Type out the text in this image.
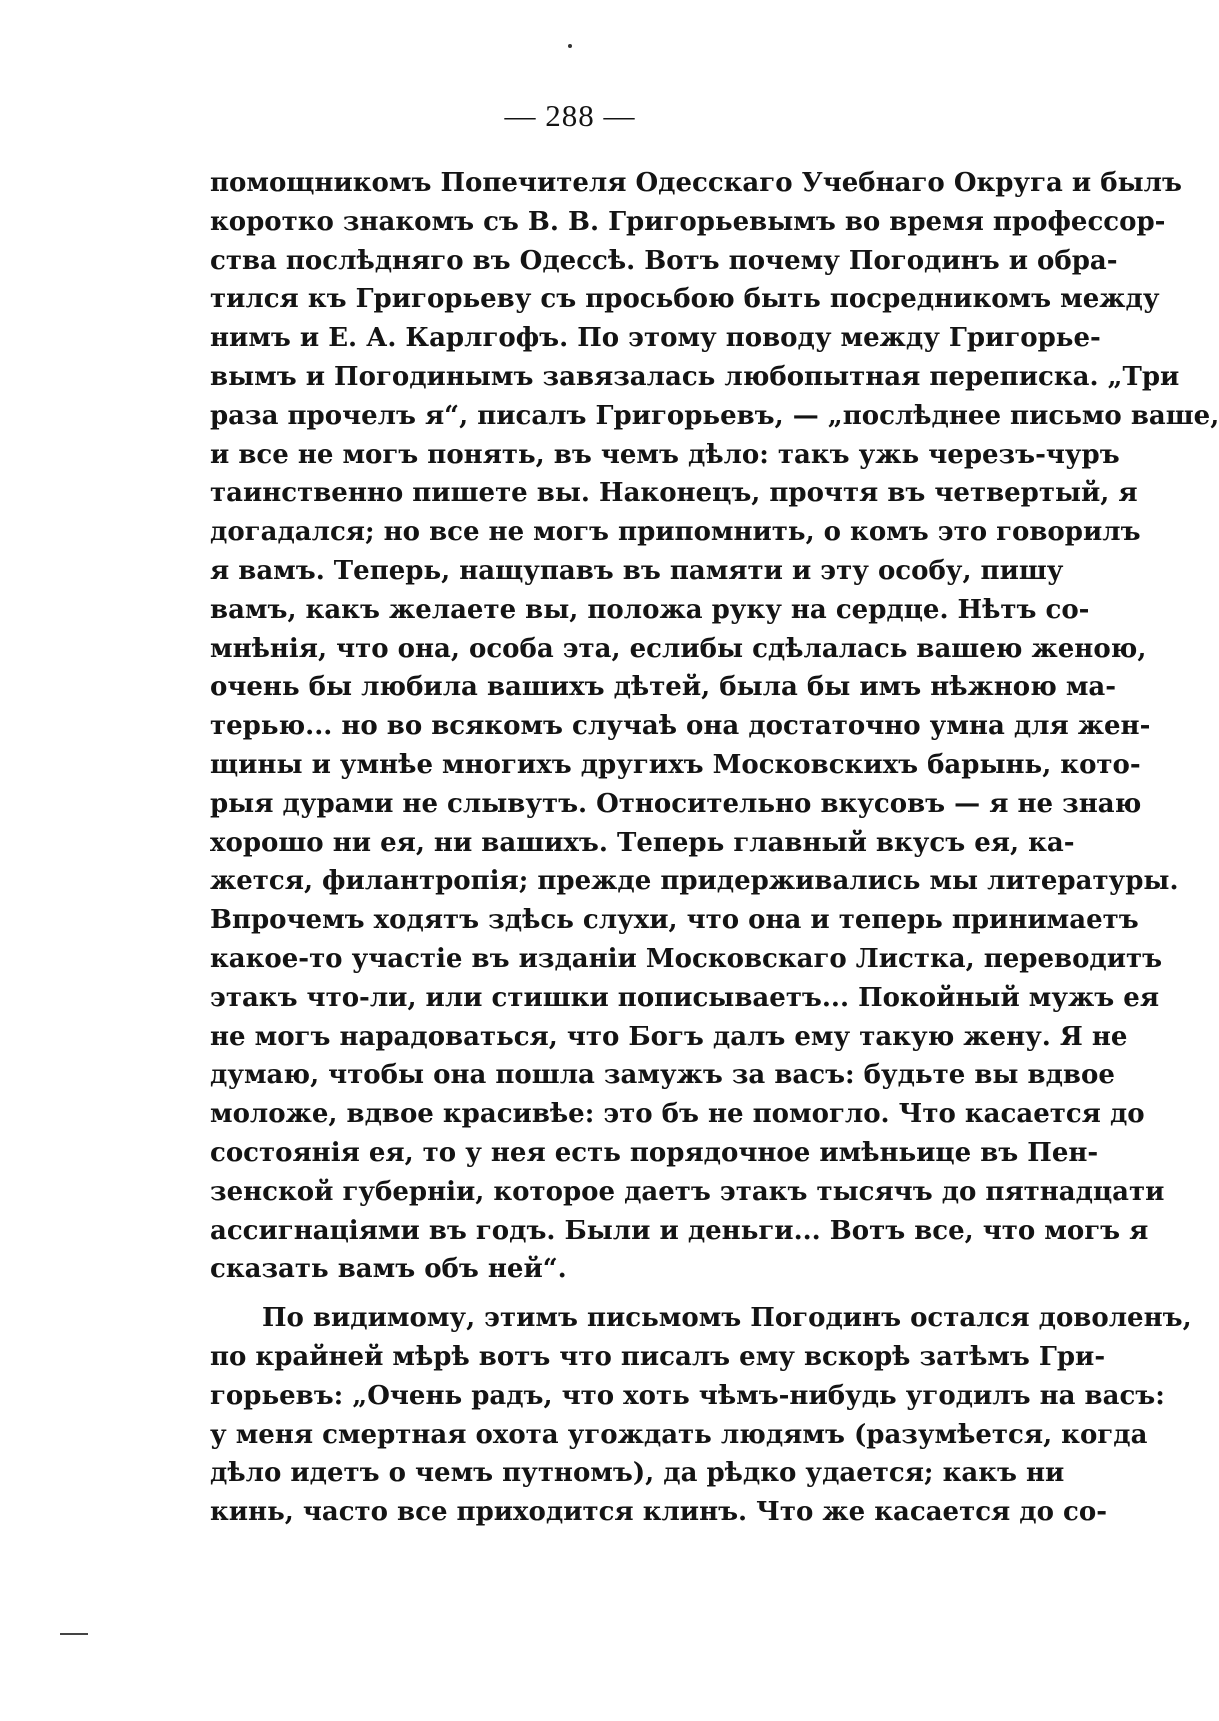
— 288 —
помощникомъ Попечителя Одесскаго Учебнаго Округа и былъ
коротко знакомъ съ В. В. Григорьевымъ во время профессор-
ства послѣдняго въ Одессѣ. Вотъ почему Погодинъ и обра-
тился къ Григорьеву съ просьбою быть посредникомъ между
нимъ и Е. А. Карлгофъ. По этому поводу между Григорье-
вымъ и Погодинымъ завязалась любопытная переписка. „Три
раза прочелъ я“, писалъ Григорьевъ, — „послѣднее письмо ваше,
и все не могъ понять, въ чемъ дѣло: такъ ужь черезъ-чуръ
таинственно пишете вы. Наконецъ, прочтя въ четвертый, я
догадался; но все не могъ припомнить, о комъ это говорилъ
я вамъ. Теперь, нащупавъ въ памяти и эту особу, пишу
вамъ, какъ желаете вы, положа руку на сердце. Нѣтъ со-
мнѣнія, что она, особа эта, еслибы сдѣлалась вашею женою,
очень бы любила вашихъ дѣтей, была бы имъ нѣжною ма-
терью... но во всякомъ случаѣ она достаточно умна для жен-
щины и умнѣе многихъ другихъ Московскихъ барынь, кото-
рыя дурами не слывутъ. Относительно вкусовъ — я не знаю
хорошо ни ея, ни вашихъ. Теперь главный вкусъ ея, ка-
жется, филантропія; прежде придерживались мы литературы.
Впрочемъ ходятъ здѣсь слухи, что она и теперь принимаетъ
какое-то участіе въ изданіи Московскаго Листка, переводитъ
этакъ что-ли, или стишки пописываетъ... Покойный мужъ ея
не могъ нарадоваться, что Богъ далъ ему такую жену. Я не
думаю, чтобы она пошла замужъ за васъ: будьте вы вдвое
моложе, вдвое красивѣе: это бъ не помогло. Что касается до
состоянія ея, то у нея есть порядочное имѣньице въ Пен-
зенской губерніи, которое даетъ этакъ тысячъ до пятнадцати
ассигнаціями въ годъ. Были и деньги... Вотъ все, что могъ я
сказать вамъ объ ней“.
По видимому, этимъ письмомъ Погодинъ остался доволенъ,
по крайней мѣрѣ вотъ что писалъ ему вскорѣ затѣмъ Гри-
горьевъ: „Очень радъ, что хоть чѣмъ-нибудь угодилъ на васъ:
у меня смертная охота угождать людямъ (разумѣется, когда
дѣло идетъ о чемъ путномъ), да рѣдко удается; какъ ни
кинь, часто все приходится клинъ. Что же касается до со-
